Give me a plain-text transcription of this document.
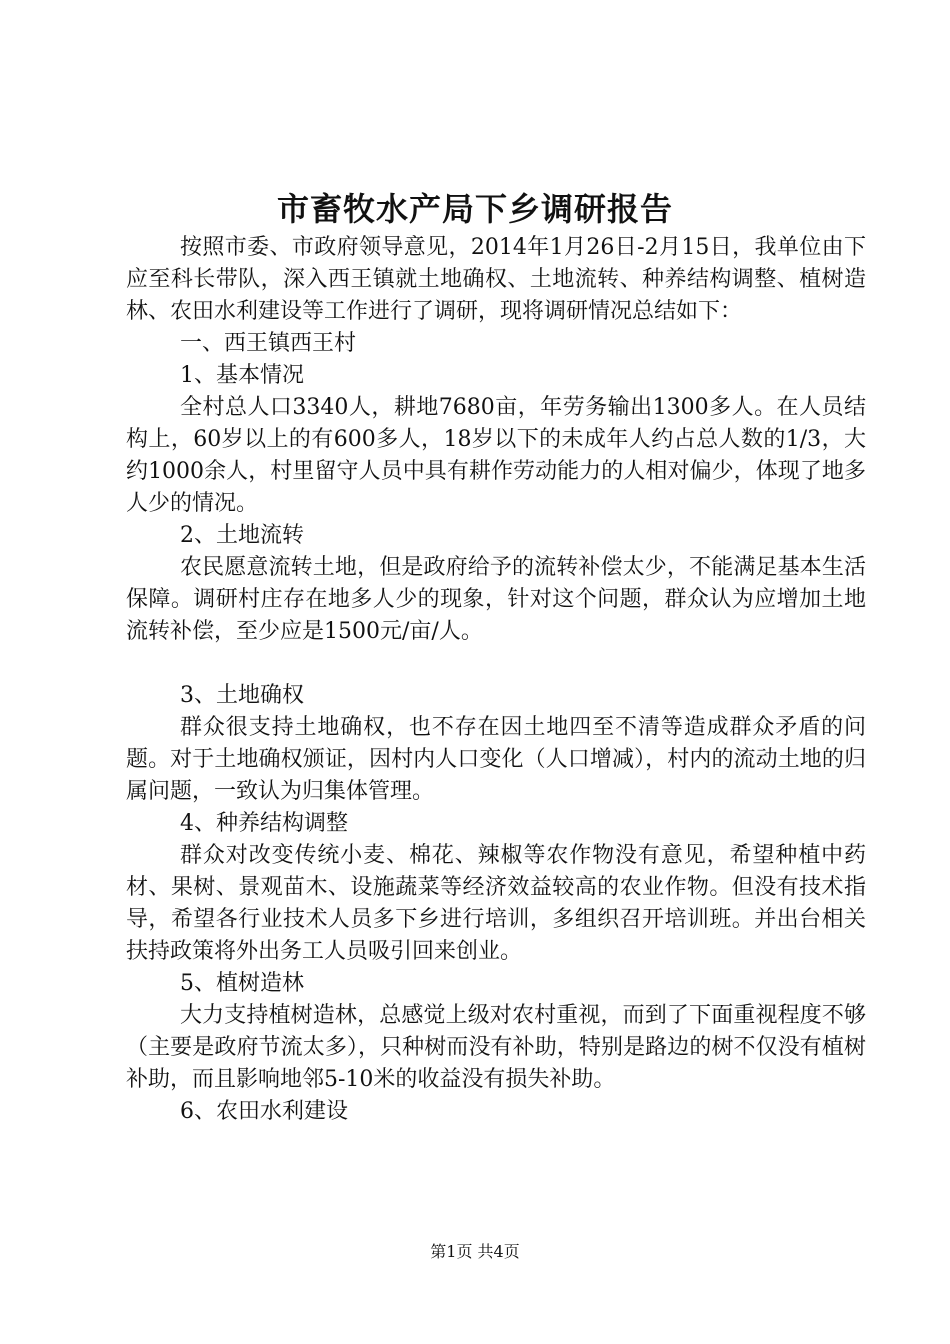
市畜牧水产局下乡调研报告

按照市委、市政府领导意见，2014年1月26日-2月15日，我单位由下应至科长带队，深入西王镇就土地确权、土地流转、种养结构调整、植树造林、农田水利建设等工作进行了调研，现将调研情况总结如下：

一、西王镇西王村

1、基本情况

全村总人口3340人，耕地7680亩，年劳务输出1300多人。在人员结构上，60岁以上的有600多人，18岁以下的未成年人约占总人数的1/3，大约1000余人，村里留守人员中具有耕作劳动能力的人相对偏少，体现了地多人少的情况。

2、土地流转

农民愿意流转土地，但是政府给予的流转补偿太少，不能满足基本生活保障。调研村庄存在地多人少的现象，针对这个问题，群众认为应增加土地流转补偿，至少应是1500元/亩/人。

3、土地确权

群众很支持土地确权，也不存在因土地四至不清等造成群众矛盾的问题。对于土地确权颁证，因村内人口变化（人口增减），村内的流动土地的归属问题，一致认为归集体管理。

4、种养结构调整

群众对改变传统小麦、棉花、辣椒等农作物没有意见，希望种植中药材、果树、景观苗木、设施蔬菜等经济效益较高的农业作物。但没有技术指导，希望各行业技术人员多下乡进行培训，多组织召开培训班。并出台相关扶持政策将外出务工人员吸引回来创业。

5、植树造林

大力支持植树造林，总感觉上级对农村重视，而到了下面重视程度不够（主要是政府节流太多），只种树而没有补助，特别是路边的树不仅没有植树补助，而且影响地邻5-10米的收益没有损失补助。

6、农田水利建设

第1页 共4页
